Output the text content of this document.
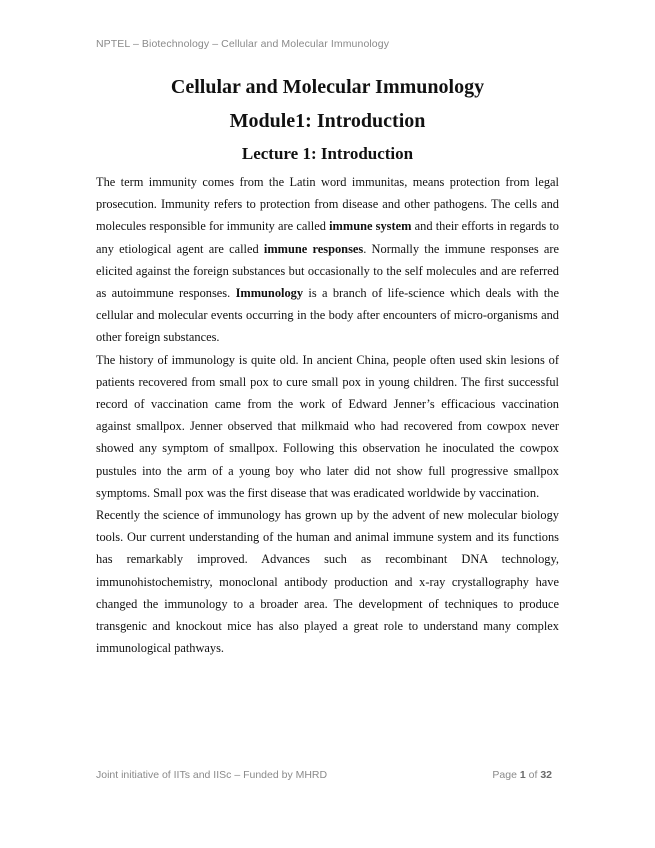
NPTEL – Biotechnology – Cellular and Molecular Immunology
Cellular and Molecular Immunology
Module1: Introduction
Lecture 1: Introduction

The term immunity comes from the Latin word immunitas, means protection from legal prosecution. Immunity refers to protection from disease and other pathogens. The cells and molecules responsible for immunity are called immune system and their efforts in regards to any etiological agent are called immune responses. Normally the immune responses are elicited against the foreign substances but occasionally to the self molecules and are referred as autoimmune responses. Immunology is a branch of life-science which deals with the cellular and molecular events occurring in the body after encounters of micro-organisms and other foreign substances.

The history of immunology is quite old. In ancient China, people often used skin lesions of patients recovered from small pox to cure small pox in young children. The first successful record of vaccination came from the work of Edward Jenner’s efficacious vaccination against smallpox. Jenner observed that milkmaid who had recovered from cowpox never showed any symptom of smallpox. Following this observation he inoculated the cowpox pustules into the arm of a young boy who later did not show full progressive smallpox symptoms. Small pox was the first disease that was eradicated worldwide by vaccination.

Recently the science of immunology has grown up by the advent of new molecular biology tools. Our current understanding of the human and animal immune system and its functions has remarkably improved. Advances such as recombinant DNA technology, immunohistochemistry, monoclonal antibody production and x-ray crystallography have changed the immunology to a broader area. The development of techniques to produce transgenic and knockout mice has also played a great role to understand many complex immunological pathways.

Joint initiative of IITs and IISc – Funded by MHRD	Page 1 of 32
